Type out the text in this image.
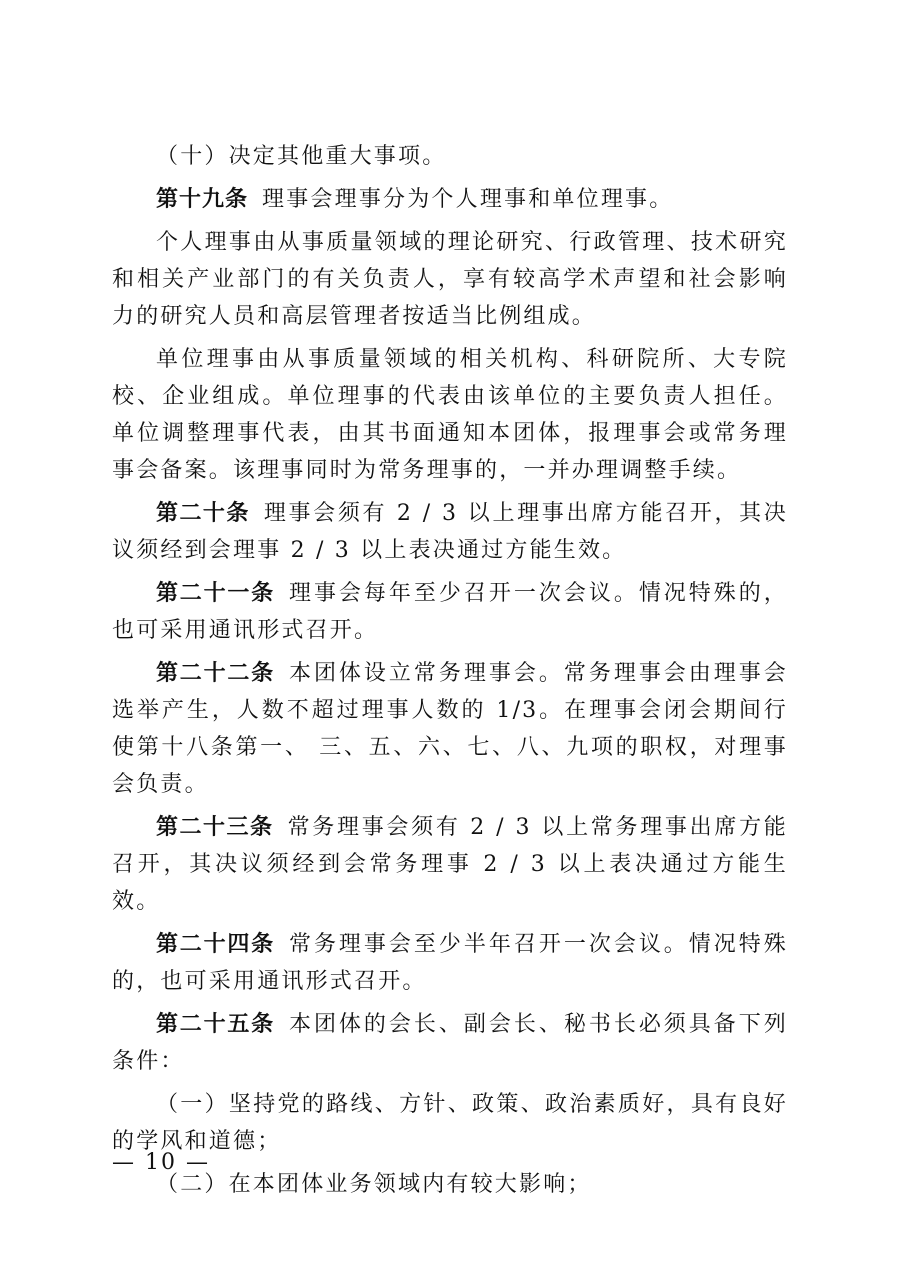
（十）决定其他重大事项。

第十九条 理事会理事分为个人理事和单位理事。

个人理事由从事质量领域的理论研究、行政管理、技术研究和相关产业部门的有关负责人，享有较高学术声望和社会影响力的研究人员和高层管理者按适当比例组成。

单位理事由从事质量领域的相关机构、科研院所、大专院校、企业组成。单位理事的代表由该单位的主要负责人担任。单位调整理事代表，由其书面通知本团体，报理事会或常务理事会备案。该理事同时为常务理事的，一并办理调整手续。

第二十条 理事会须有 2 / 3 以上理事出席方能召开，其决议须经到会理事 2 / 3 以上表决通过方能生效。

第二十一条 理事会每年至少召开一次会议。情况特殊的，也可采用通讯形式召开。

第二十二条 本团体设立常务理事会。常务理事会由理事会选举产生，人数不超过理事人数的 1/3。在理事会闭会期间行使第十八条第一、 三、五、六、七、八、九项的职权，对理事会负责。

第二十三条 常务理事会须有 2 / 3 以上常务理事出席方能召开，其决议须经到会常务理事 2 / 3 以上表决通过方能生效。

第二十四条 常务理事会至少半年召开一次会议。情况特殊的，也可采用通讯形式召开。

第二十五条 本团体的会长、副会长、秘书长必须具备下列条件：

（一）坚持党的路线、方针、政策、政治素质好，具有良好的学风和道德；

（二）在本团体业务领域内有较大影响；

— 10 —
